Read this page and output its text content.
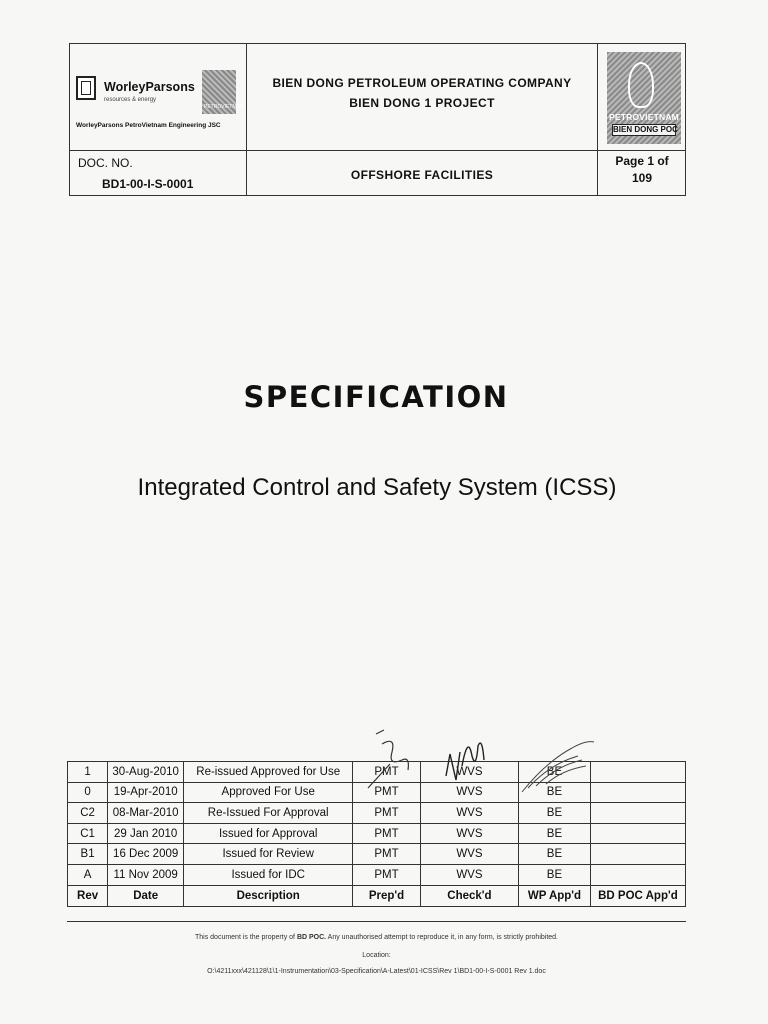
WorleyParsons
resources & energy
PETROVIETNAM
WorleyParsons PetroVietnam Engineering JSC
BIEN DONG PETROLEUM OPERATING COMPANY
BIEN DONG 1 PROJECT
PETROVIETNAM
BIEN DONG POC
DOC. NO.
BD1-00-I-S-0001
OFFSHORE FACILITIES
Page 1 of
109
SPECIFICATION
Integrated Control and Safety System (ICSS)
1	30-Aug-2010	Re-issued Approved for Use	PMT	WVS	BE	
0	19-Apr-2010	Approved For Use	PMT	WVS	BE	
C2	08-Mar-2010	Re-Issued For Approval	PMT	WVS	BE	
C1	29 Jan 2010	Issued for Approval	PMT	WVS	BE	
B1	16 Dec 2009	Issued for Review	PMT	WVS	BE	
A	11 Nov 2009	Issued for IDC	PMT	WVS	BE	
Rev	Date	Description	Prep'd	Check'd	WP App'd	BD POC App'd
This document is the property of BD POC. Any unauthorised attempt to reproduce it, in any form, is strictly prohibited.
Location:
O:\4211xxx\421128\1\1-Instrumentation\03-Specification\A-Latest\01-ICSS\Rev 1\BD1-00-I-S-0001 Rev 1.doc
